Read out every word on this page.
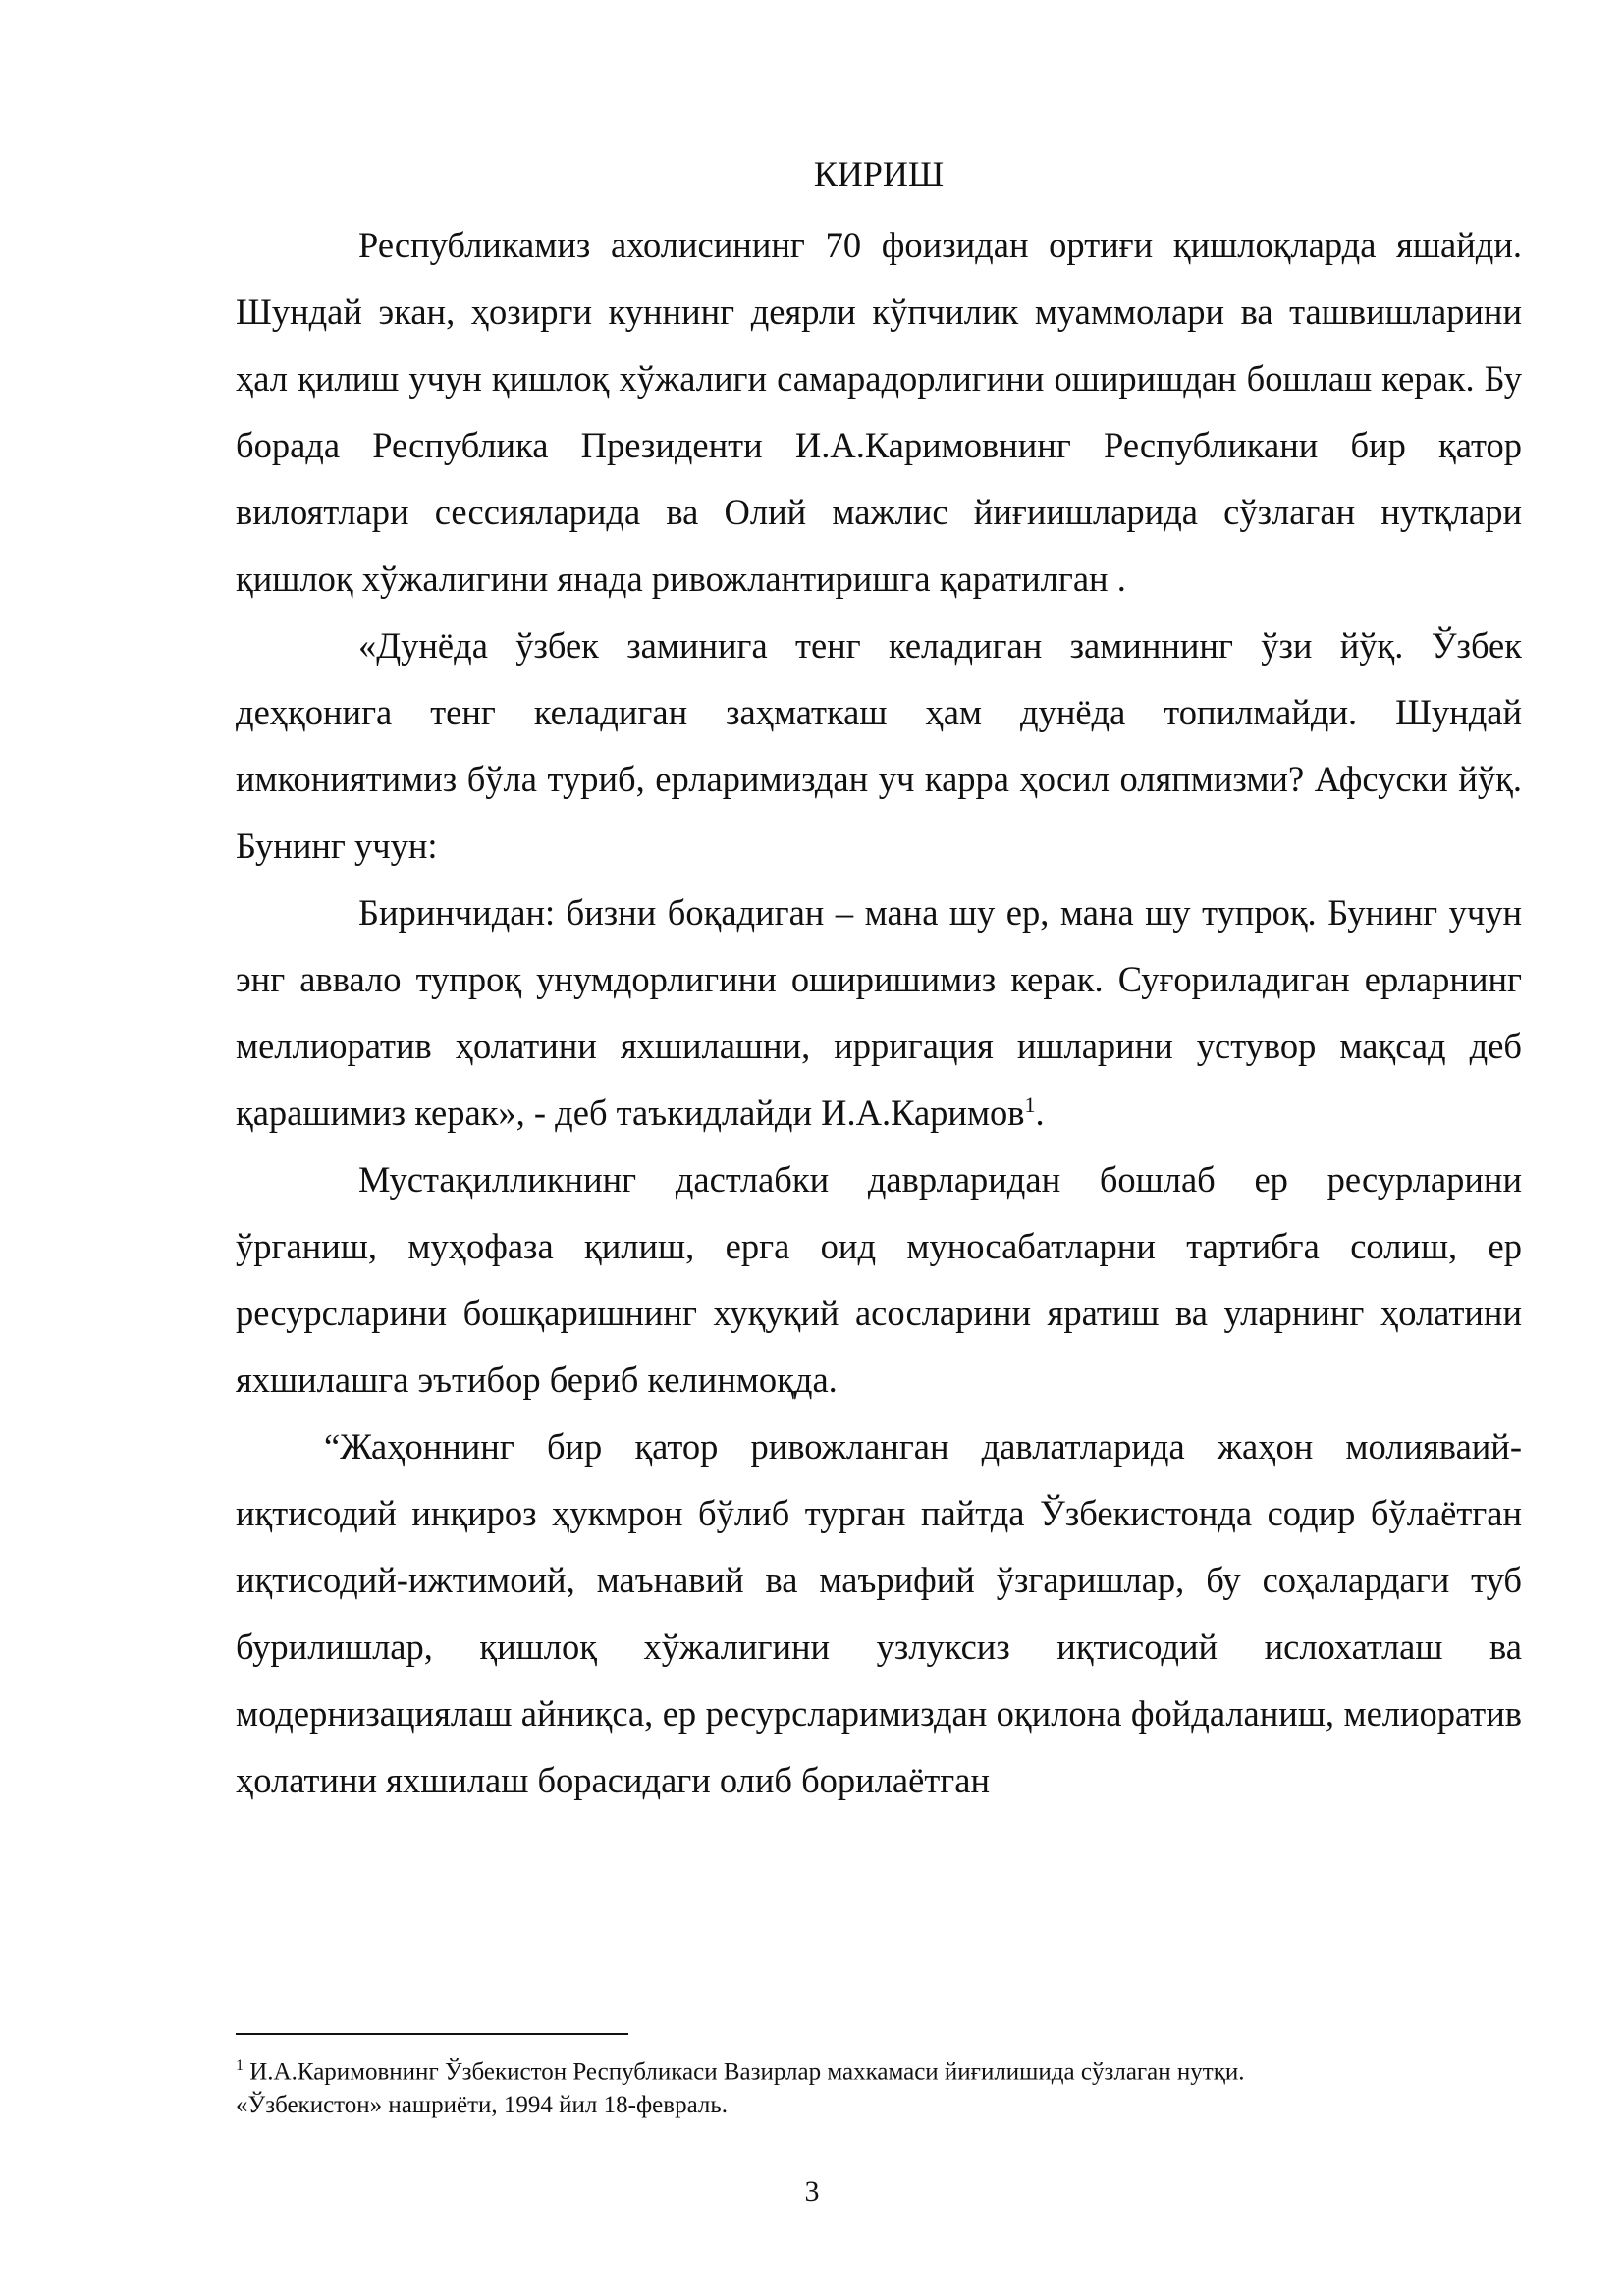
КИРИШ

Республикамиз ахолисининг 70 фоизидан ортиғи қишлоқларда яшайди. Шундай экан, ҳозирги куннинг деярли кўпчилик муаммолари ва ташвишларини ҳал қилиш учун қишлоқ хўжалиги самарадорлигини оширишдан бошлаш керак. Бу борада Республика Президенти И.А.Каримовнинг Республикани бир қатор вилоятлари сессияларида ва Олий мажлис йиғиишларида сўзлаган нутқлари қишлоқ хўжалигини янада ривожлантиришга қаратилган .

«Дунёда ўзбек заминига тенг келадиган заминнинг ўзи йўқ. Ўзбек деҳқонига тенг келадиган заҳматкаш ҳам дунёда топилмайди. Шундай имкониятимиз бўла туриб, ерларимиздан уч карра ҳосил оляпмизми? Афсуски йўқ. Бунинг учун:

Биринчидан: бизни боқадиган – мана шу ер, мана шу тупроқ. Бунинг учун энг аввало тупроқ унумдорлигини оширишимиз керак. Суғориладиган ерларнинг меллиоратив ҳолатини яхшилашни, ирригация ишларини устувор мақсад деб қарашимиз керак», - деб таъкидлайди И.А.Каримов$^1$.

Мустақилликнинг дастлабки даврларидан бошлаб ер ресурларини ўрганиш, муҳофаза қилиш, ерга оид муносабатларни тартибга солиш, ер ресурсларини бошқаришнинг хуқуқий асосларини яратиш ва уларнинг ҳолатини яхшилашга эътибор бериб келинмоқда.

“Жаҳоннинг бир қатор ривожланган давлатларида жаҳон молияваий-иқтисодий инқироз ҳукмрон бўлиб турган пайтда Ўзбекистонда содир бўлаётган иқтисодий-ижтимоий, маънавий ва маърифий ўзгаришлар, бу соҳалардаги туб бурилишлар, қишлоқ хўжалигини узлуксиз иқтисодий ислохатлаш ва модернизациялаш айниқса, ер ресурсларимиздан оқилона фойдаланиш, мелиоратив ҳолатини яхшилаш борасидаги олиб борилаётган

$^1$ И.А.Каримовнинг Ўзбекистон Республикаси Вазирлар махкамаси йиғилишида сўзлаган нутқи.
«Ўзбекистон» нашриёти, 1994 йил 18-февраль.
3
